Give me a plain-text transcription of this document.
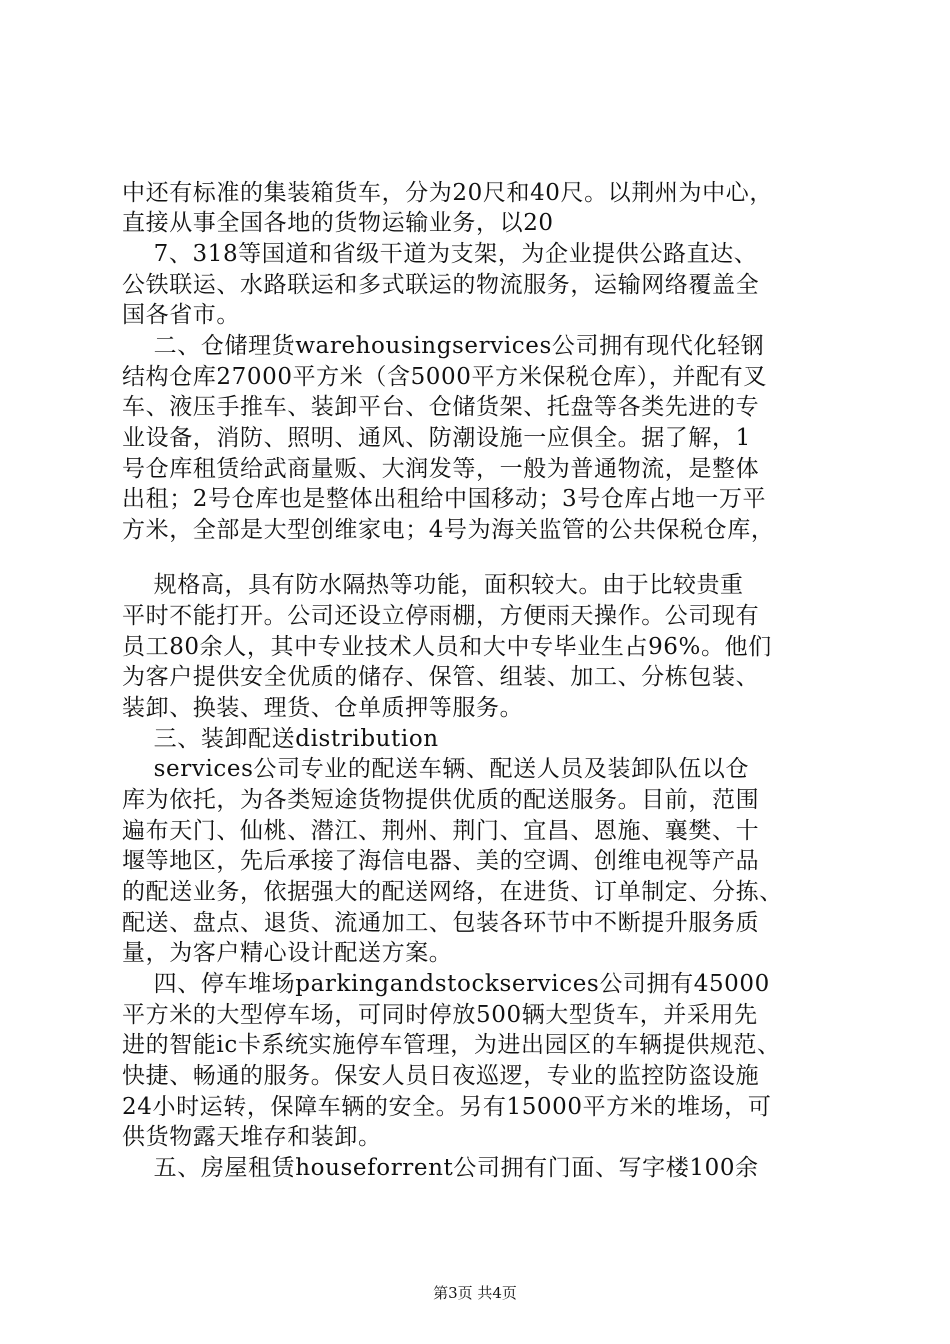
中还有标准的集装箱货车，分为20尺和40尺。以荆州为中心，
直接从事全国各地的货物运输业务，以20
7、318等国道和省级干道为支架，为企业提供公路直达、
公铁联运、水路联运和多式联运的物流服务，运输网络覆盖全
国各省市。
二、仓储理货warehousingservices公司拥有现代化轻钢
结构仓库27000平方米（含5000平方米保税仓库），并配有叉
车、液压手推车、装卸平台、仓储货架、托盘等各类先进的专
业设备，消防、照明、通风、防潮设施一应俱全。据了解，1
号仓库租赁给武商量贩、大润发等，一般为普通物流，是整体
出租；2号仓库也是整体出租给中国移动；3号仓库占地一万平
方米，全部是大型创维家电；4号为海关监管的公共保税仓库，
规格高，具有防水隔热等功能，面积较大。由于比较贵重
平时不能打开。公司还设立停雨棚，方便雨天操作。公司现有
员工80余人，其中专业技术人员和大中专毕业生占96%。他们
为客户提供安全优质的储存、保管、组装、加工、分栋包装、
装卸、换装、理货、仓单质押等服务。
三、装卸配送distribution
services公司专业的配送车辆、配送人员及装卸队伍以仓
库为依托，为各类短途货物提供优质的配送服务。目前，范围
遍布天门、仙桃、潜江、荆州、荆门、宜昌、恩施、襄樊、十
堰等地区，先后承接了海信电器、美的空调、创维电视等产品
的配送业务，依据强大的配送网络，在进货、订单制定、分拣、
配送、盘点、退货、流通加工、包装各环节中不断提升服务质
量，为客户精心设计配送方案。
四、停车堆场parkingandstockservices公司拥有45000
平方米的大型停车场，可同时停放500辆大型货车，并采用先
进的智能ic卡系统实施停车管理，为进出园区的车辆提供规范、
快捷、畅通的服务。保安人员日夜巡逻，专业的监控防盗设施
24小时运转，保障车辆的安全。另有15000平方米的堆场，可
供货物露天堆存和装卸。
五、房屋租赁houseforrent公司拥有门面、写字楼100余
第3页 共4页
